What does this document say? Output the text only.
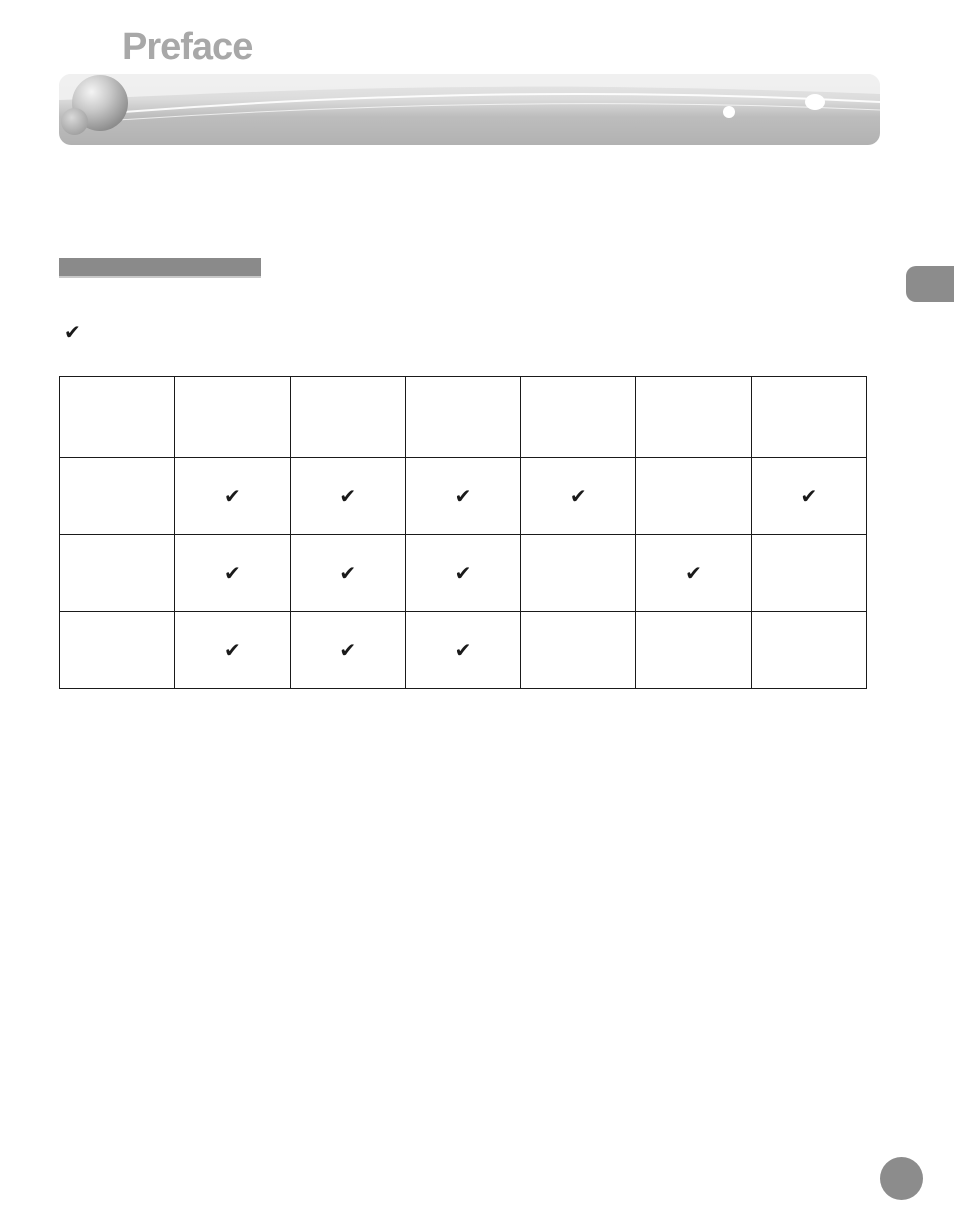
Preface
✔

	✔	✔	✔	✔		✔
	✔	✔	✔		✔	
	✔	✔	✔			
